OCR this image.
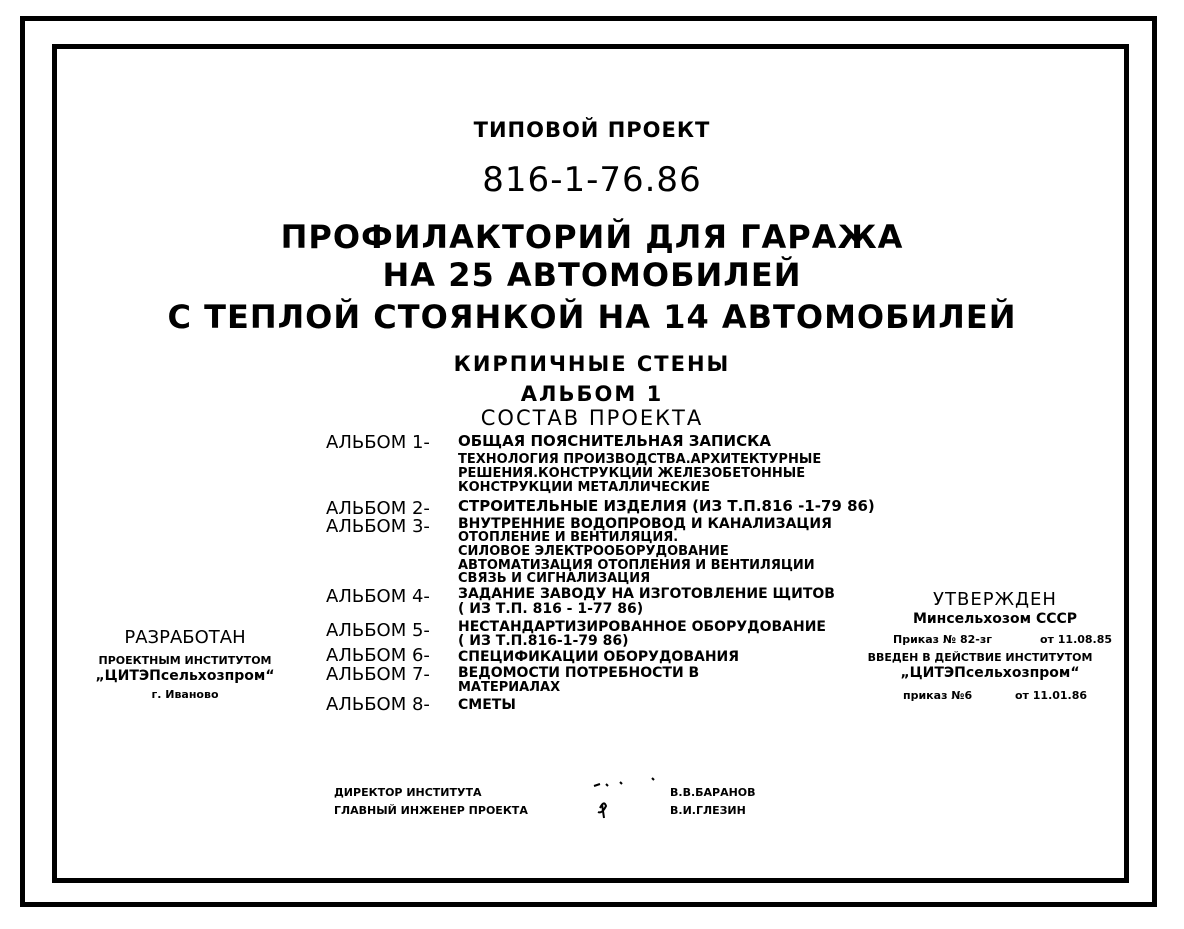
ТИПОВОЙ ПРОЕКТ
816-1-76.86
ПРОФИЛАКТОРИЙ ДЛЯ ГАРАЖА
НА 25 АВТОМОБИЛЕЙ
С ТЕПЛОЙ СТОЯНКОЙ НА 14 АВТОМОБИЛЕЙ
КИРПИЧНЫЕ СТЕНЫ
АЛЬБОМ 1
СОСТАВ ПРОЕКТА
АЛЬБОМ 1- ОБЩАЯ ПОЯСНИТЕЛЬНАЯ ЗАПИСКА
ТЕХНОЛОГИЯ ПРОИЗВОДСТВА.АРХИТЕКТУРНЫЕ
РЕШЕНИЯ.КОНСТРУКЦИИ ЖЕЛЕЗОБЕТОННЫЕ
КОНСТРУКЦИИ МЕТАЛЛИЧЕСКИЕ
АЛЬБОМ 2- СТРОИТЕЛЬНЫЕ ИЗДЕЛИЯ (ИЗ Т.П.816 -1-79 86)
АЛЬБОМ 3- ВНУТРЕННИЕ ВОДОПРОВОД И КАНАЛИЗАЦИЯ
ОТОПЛЕНИЕ И ВЕНТИЛЯЦИЯ.
СИЛОВОЕ ЭЛЕКТРООБОРУДОВАНИЕ
АВТОМАТИЗАЦИЯ ОТОПЛЕНИЯ И ВЕНТИЛЯЦИИ
СВЯЗЬ И СИГНАЛИЗАЦИЯ
АЛЬБОМ 4- ЗАДАНИЕ ЗАВОДУ НА ИЗГОТОВЛЕНИЕ ЩИТОВ
( ИЗ Т.П. 816 - 1-77 86)
АЛЬБОМ 5- НЕСТАНДАРТИЗИРОВАННОЕ ОБОРУДОВАНИЕ
( ИЗ Т.П.816-1-79 86)
АЛЬБОМ 6- СПЕЦИФИКАЦИИ ОБОРУДОВАНИЯ
АЛЬБОМ 7- ВЕДОМОСТИ ПОТРЕБНОСТИ В
МАТЕРИАЛАХ
АЛЬБОМ 8- СМЕТЫ
РАЗРАБОТАН
ПРОЕКТНЫМ ИНСТИТУТОМ
„ЦИТЭПсельхозпром“
г. Иваново
УТВЕРЖДЕН
Минсельхозом СССР
Приказ № 82-зг	от 11.08.85
ВВЕДЕН В ДЕЙСТВИЕ ИНСТИТУТОМ
„ЦИТЭПсельхозпром“
приказ №6	от 11.01.86
ДИРЕКТОР ИНСТИТУТА	В.В.БАРАНОВ
ГЛАВНЫЙ ИНЖЕНЕР ПРОЕКТА	В.И.ГЛЕЗИН
